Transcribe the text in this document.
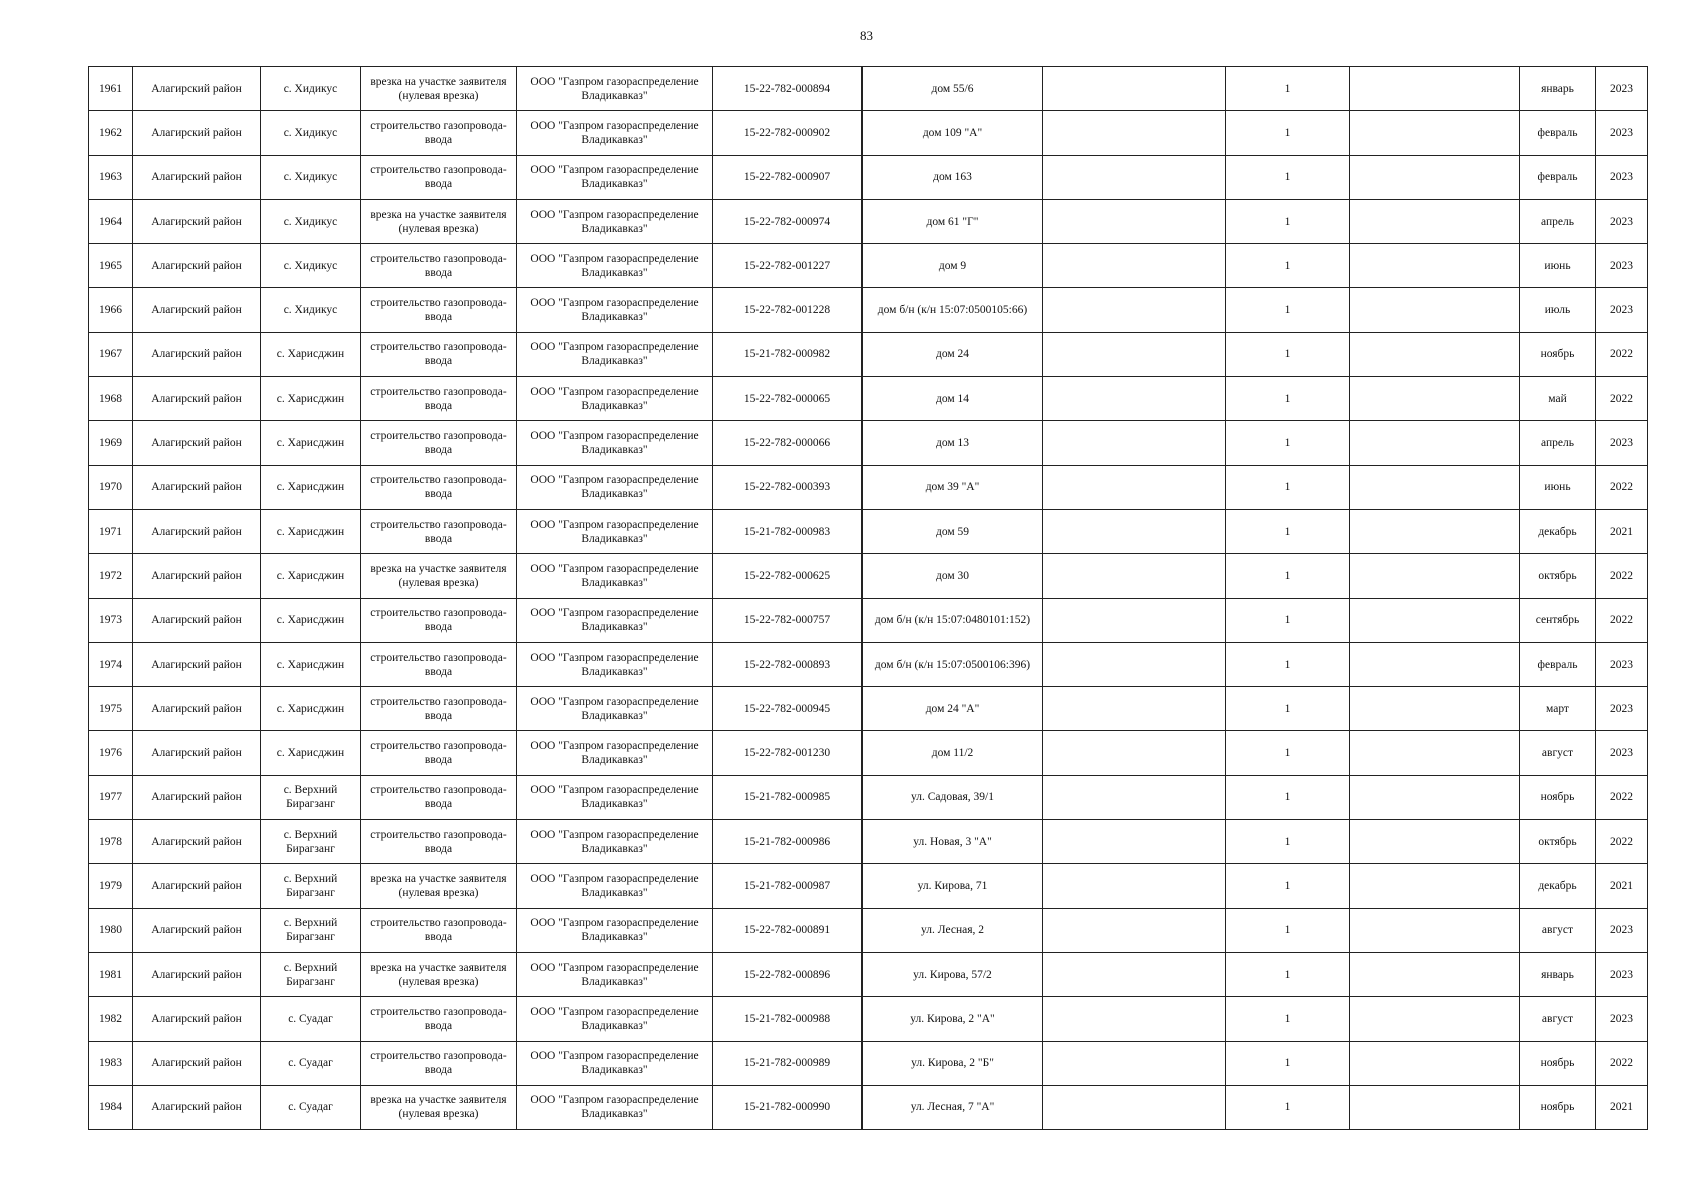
83
1961	Алагирский район	с. Хидикус	врезка на участке заявителя (нулевая врезка)	ООО "Газпром газораспределение Владикавказ"	15-22-782-000894		дом 55/6		1		январь	2023
1962	Алагирский район	с. Хидикус	строительство газопровода-ввода	ООО "Газпром газораспределение Владикавказ"	15-22-782-000902		дом 109 "А"		1		февраль	2023
1963	Алагирский район	с. Хидикус	строительство газопровода-ввода	ООО "Газпром газораспределение Владикавказ"	15-22-782-000907		дом 163		1		февраль	2023
1964	Алагирский район	с. Хидикус	врезка на участке заявителя (нулевая врезка)	ООО "Газпром газораспределение Владикавказ"	15-22-782-000974		дом 61 "Г"		1		апрель	2023
1965	Алагирский район	с. Хидикус	строительство газопровода-ввода	ООО "Газпром газораспределение Владикавказ"	15-22-782-001227		дом 9		1		июнь	2023
1966	Алагирский район	с. Хидикус	строительство газопровода-ввода	ООО "Газпром газораспределение Владикавказ"	15-22-782-001228		дом б/н (к/н 15:07:0500105:66)		1		июль	2023
1967	Алагирский район	с. Харисджин	строительство газопровода-ввода	ООО "Газпром газораспределение Владикавказ"	15-21-782-000982		дом 24		1		ноябрь	2022
1968	Алагирский район	с. Харисджин	строительство газопровода-ввода	ООО "Газпром газораспределение Владикавказ"	15-22-782-000065		дом 14		1		май	2022
1969	Алагирский район	с. Харисджин	строительство газопровода-ввода	ООО "Газпром газораспределение Владикавказ"	15-22-782-000066		дом 13		1		апрель	2023
1970	Алагирский район	с. Харисджин	строительство газопровода-ввода	ООО "Газпром газораспределение Владикавказ"	15-22-782-000393		дом 39 "А"		1		июнь	2022
1971	Алагирский район	с. Харисджин	строительство газопровода-ввода	ООО "Газпром газораспределение Владикавказ"	15-21-782-000983		дом 59		1		декабрь	2021
1972	Алагирский район	с. Харисджин	врезка на участке заявителя (нулевая врезка)	ООО "Газпром газораспределение Владикавказ"	15-22-782-000625		дом 30		1		октябрь	2022
1973	Алагирский район	с. Харисджин	строительство газопровода-ввода	ООО "Газпром газораспределение Владикавказ"	15-22-782-000757		дом б/н (к/н 15:07:0480101:152)		1		сентябрь	2022
1974	Алагирский район	с. Харисджин	строительство газопровода-ввода	ООО "Газпром газораспределение Владикавказ"	15-22-782-000893		дом б/н (к/н 15:07:0500106:396)		1		февраль	2023
1975	Алагирский район	с. Харисджин	строительство газопровода-ввода	ООО "Газпром газораспределение Владикавказ"	15-22-782-000945		дом 24 "А"		1		март	2023
1976	Алагирский район	с. Харисджин	строительство газопровода-ввода	ООО "Газпром газораспределение Владикавказ"	15-22-782-001230		дом 11/2		1		август	2023
1977	Алагирский район	с. Верхний Бирагзанг	строительство газопровода-ввода	ООО "Газпром газораспределение Владикавказ"	15-21-782-000985		ул. Садовая, 39/1		1		ноябрь	2022
1978	Алагирский район	с. Верхний Бирагзанг	строительство газопровода-ввода	ООО "Газпром газораспределение Владикавказ"	15-21-782-000986		ул. Новая, 3 "А"		1		октябрь	2022
1979	Алагирский район	с. Верхний Бирагзанг	врезка на участке заявителя (нулевая врезка)	ООО "Газпром газораспределение Владикавказ"	15-21-782-000987		ул. Кирова, 71		1		декабрь	2021
1980	Алагирский район	с. Верхний Бирагзанг	строительство газопровода-ввода	ООО "Газпром газораспределение Владикавказ"	15-22-782-000891		ул. Лесная, 2		1		август	2023
1981	Алагирский район	с. Верхний Бирагзанг	врезка на участке заявителя (нулевая врезка)	ООО "Газпром газораспределение Владикавказ"	15-22-782-000896		ул. Кирова, 57/2		1		январь	2023
1982	Алагирский район	с. Суадаг	строительство газопровода-ввода	ООО "Газпром газораспределение Владикавказ"	15-21-782-000988		ул. Кирова, 2 "А"		1		август	2023
1983	Алагирский район	с. Суадаг	строительство газопровода-ввода	ООО "Газпром газораспределение Владикавказ"	15-21-782-000989		ул. Кирова, 2 "Б"		1		ноябрь	2022
1984	Алагирский район	с. Суадаг	врезка на участке заявителя (нулевая врезка)	ООО "Газпром газораспределение Владикавказ"	15-21-782-000990		ул. Лесная, 7 "А"		1		ноябрь	2021
